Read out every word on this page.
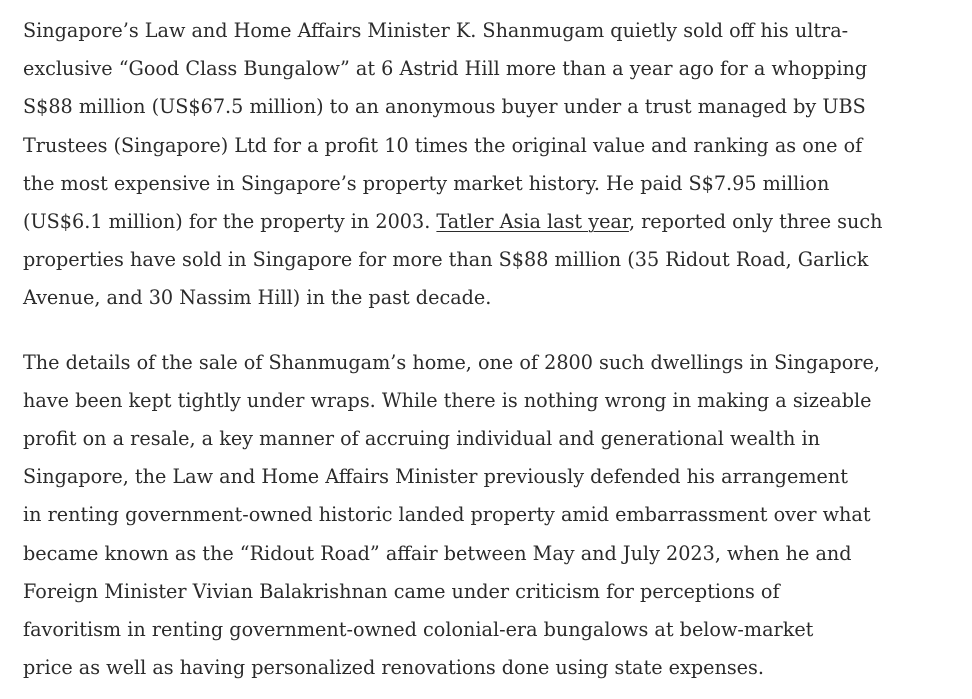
Singapore’s Law and Home Affairs Minister K. Shanmugam quietly sold off his ultra-
exclusive “Good Class Bungalow” at 6 Astrid Hill more than a year ago for a whopping
S$88 million (US$67.5 million) to an anonymous buyer under a trust managed by UBS
Trustees (Singapore) Ltd for a profit 10 times the original value and ranking as one of
the most expensive in Singapore’s property market history. He paid S$7.95 million
(US$6.1 million) for the property in 2003. Tatler Asia last year, reported only three such
properties have sold in Singapore for more than S$88 million (35 Ridout Road, Garlick
Avenue, and 30 Nassim Hill) in the past decade.

The details of the sale of Shanmugam’s home, one of 2800 such dwellings in Singapore,
have been kept tightly under wraps. While there is nothing wrong in making a sizeable
profit on a resale, a key manner of accruing individual and generational wealth in
Singapore, the Law and Home Affairs Minister previously defended his arrangement
in renting government-owned historic landed property amid embarrassment over what
became known as the “Ridout Road” affair between May and July 2023, when he and
Foreign Minister Vivian Balakrishnan came under criticism for perceptions of
favoritism in renting government-owned colonial-era bungalows at below-market
price as well as having personalized renovations done using state expenses.
